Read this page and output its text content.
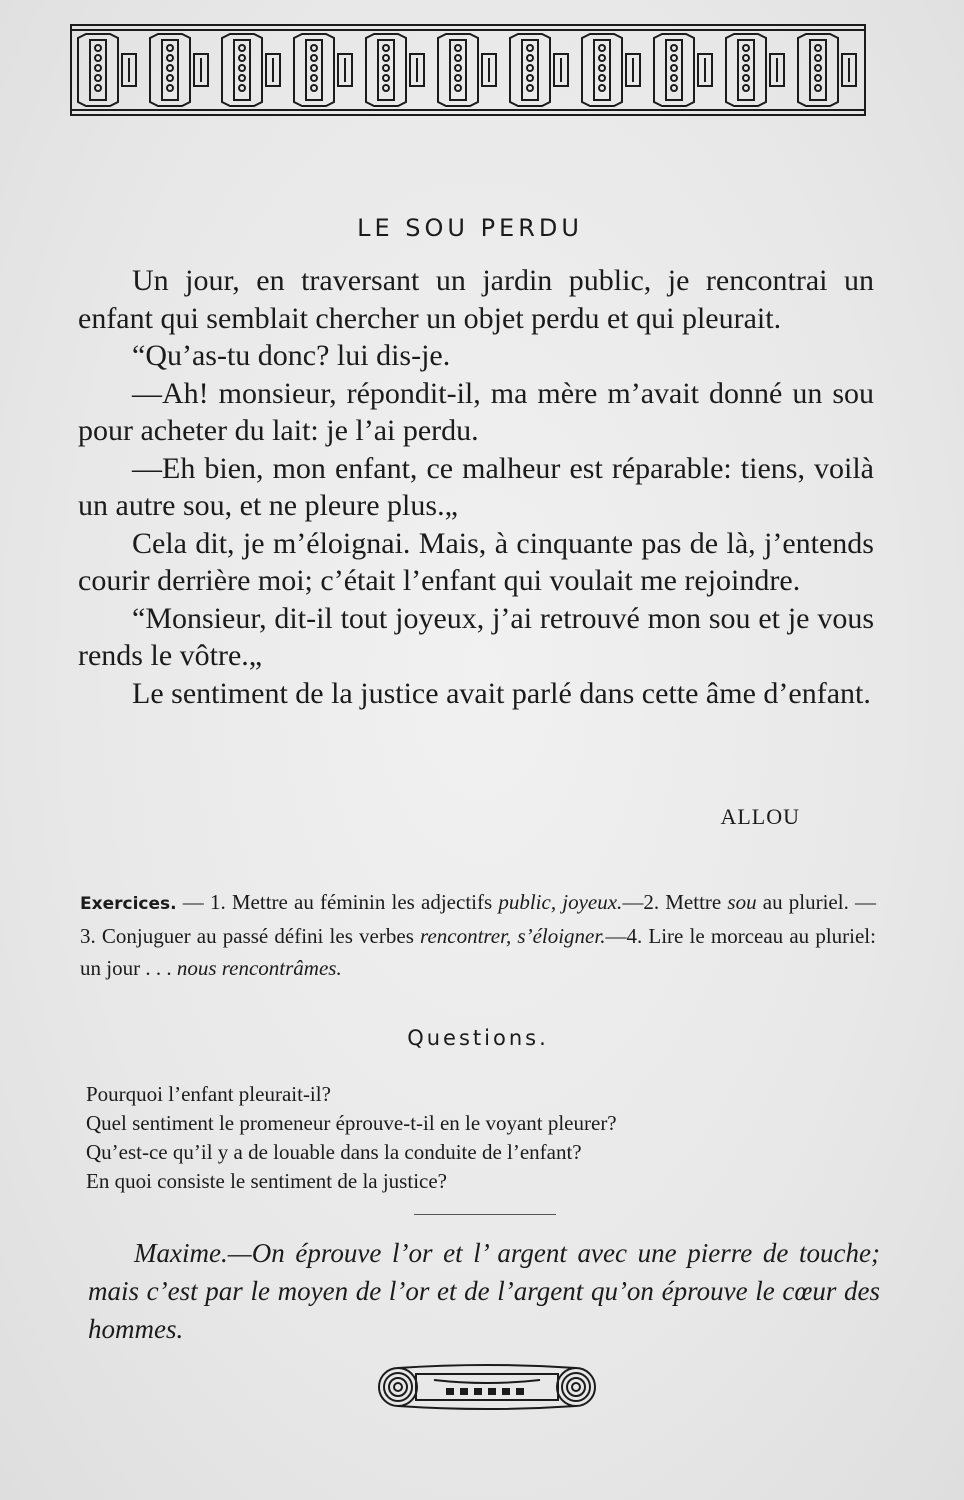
LE SOU PERDU

Un jour, en traversant un jardin public, je rencontrai un enfant qui semblait chercher un objet perdu et qui pleurait.

“Qu’as-tu donc? lui dis-je.

—Ah! monsieur, répondit-il, ma mère m’avait donné un sou pour acheter du lait: je l’ai perdu.

—Eh bien, mon enfant, ce malheur est réparable: tiens, voilà un autre sou, et ne pleure plus.„

Cela dit, je m’éloignai. Mais, à cinquante pas de là, j’entends courir derrière moi; c’était l’enfant qui voulait me rejoindre.

“Monsieur, dit-il tout joyeux, j’ai retrouvé mon sou et je vous rends le vôtre.„

Le sentiment de la justice avait parlé dans cette âme d’enfant.

ALLOU
Exercices. — 1. Mettre au féminin les adjectifs public, joyeux.—2. Mettre sou au pluriel. — 3. Conjuguer au passé défini les verbes rencontrer, s’éloigner.—4. Lire le morceau au pluriel: un jour . . . nous rencontrâmes.
Questions.
Pourquoi l’enfant pleurait-il?
Quel sentiment le promeneur éprouve-t-il en le voyant pleurer?
Qu’est-ce qu’il y a de louable dans la conduite de l’enfant?
En quoi consiste le sentiment de la justice?
Maxime.—On éprouve l’or et l’ argent avec une pierre de touche; mais c’est par le moyen de l’or et de l’argent qu’on éprouve le cœur des hommes.
